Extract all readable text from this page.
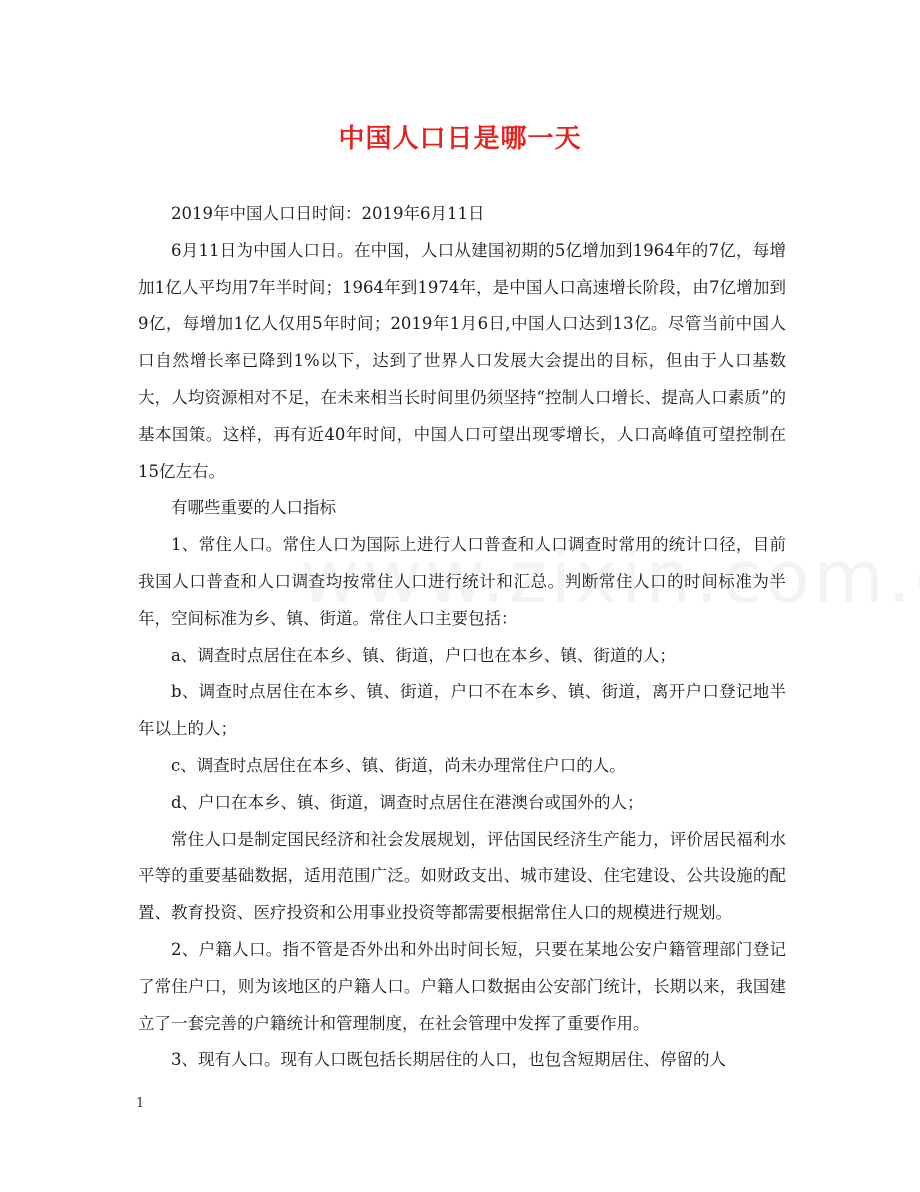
中国人口日是哪一天

2019年中国人口日时间：2019年6月11日

6月11日为中国人口日。在中国，人口从建国初期的5亿增加到1964年的7亿，每增加1亿人平均用7年半时间；1964年到1974年，是中国人口高速增长阶段，由7亿增加到9亿，每增加1亿人仅用5年时间；2019年1月6日,中国人口达到13亿。尽管当前中国人口自然增长率已降到1%以下，达到了世界人口发展大会提出的目标，但由于人口基数大，人均资源相对不足，在未来相当长时间里仍须坚持“控制人口增长、提高人口素质”的基本国策。这样，再有近40年时间，中国人口可望出现零增长，人口高峰值可望控制在15亿左右。

有哪些重要的人口指标

1、常住人口。常住人口为国际上进行人口普查和人口调查时常用的统计口径，目前我国人口普查和人口调查均按常住人口进行统计和汇总。判断常住人口的时间标准为半年，空间标准为乡、镇、街道。常住人口主要包括：

a、调查时点居住在本乡、镇、街道，户口也在本乡、镇、街道的人；

b、调查时点居住在本乡、镇、街道，户口不在本乡、镇、街道，离开户口登记地半年以上的人；

c、调查时点居住在本乡、镇、街道，尚未办理常住户口的人。

d、户口在本乡、镇、街道，调查时点居住在港澳台或国外的人；

常住人口是制定国民经济和社会发展规划，评估国民经济生产能力，评价居民福利水平等的重要基础数据，适用范围广泛。如财政支出、城市建设、住宅建设、公共设施的配置、教育投资、医疗投资和公用事业投资等都需要根据常住人口的规模进行规划。

2、户籍人口。指不管是否外出和外出时间长短，只要在某地公安户籍管理部门登记了常住户口，则为该地区的户籍人口。户籍人口数据由公安部门统计，长期以来，我国建立了一套完善的户籍统计和管理制度，在社会管理中发挥了重要作用。

3、现有人口。现有人口既包括长期居住的人口，也包含短期居住、停留的人

1
